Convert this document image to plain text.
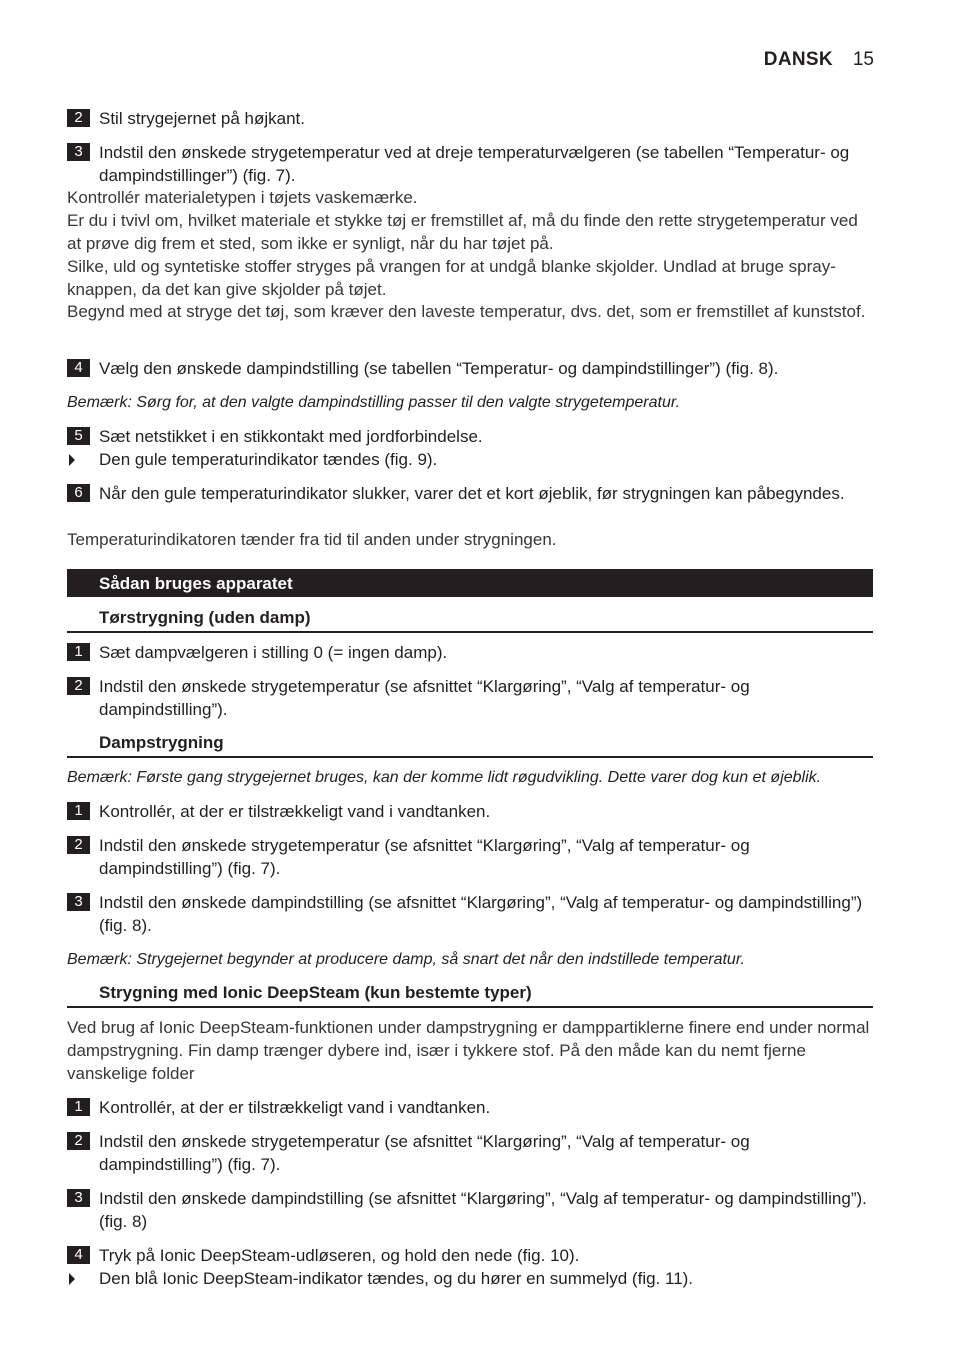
DANSK 15
2 Stil strygejernet på højkant.
3 Indstil den ønskede strygetemperatur ved at dreje temperaturvælgeren (se tabellen “Temperatur- og dampindstillinger”) (fig. 7).
Kontrollér materialetypen i tøjets vaskemærke.
Er du i tvivl om, hvilket materiale et stykke tøj er fremstillet af, må du finde den rette strygetemperatur ved at prøve dig frem et sted, som ikke er synligt, når du har tøjet på.
Silke, uld og syntetiske stoffer stryges på vrangen for at undgå blanke skjolder. Undlad at bruge spray-knappen, da det kan give skjolder på tøjet.
Begynd med at stryge det tøj, som kræver den laveste temperatur, dvs. det, som er fremstillet af kunststof.
4 Vælg den ønskede dampindstilling (se tabellen “Temperatur- og dampindstillinger”) (fig. 8).
Bemærk: Sørg for, at den valgte dampindstilling passer til den valgte strygetemperatur.
5 Sæt netstikket i en stikkontakt med jordforbindelse.
Den gule temperaturindikator tændes (fig. 9).
6 Når den gule temperaturindikator slukker, varer det et kort øjeblik, før strygningen kan påbegyndes.
Temperaturindikatoren tænder fra tid til anden under strygningen.
Sådan bruges apparatet
Tørstrygning (uden damp)
1 Sæt dampvælgeren i stilling 0 (= ingen damp).
2 Indstil den ønskede strygetemperatur (se afsnittet “Klargøring”, “Valg af temperatur- og dampindstilling”).
Dampstrygning
Bemærk: Første gang strygejernet bruges, kan der komme lidt røgudvikling. Dette varer dog kun et øjeblik.
1 Kontrollér, at der er tilstrækkeligt vand i vandtanken.
2 Indstil den ønskede strygetemperatur (se afsnittet “Klargøring”, “Valg af temperatur- og dampindstilling”) (fig. 7).
3 Indstil den ønskede dampindstilling (se afsnittet “Klargøring”, “Valg af temperatur- og dampindstilling”) (fig. 8).
Bemærk: Strygejernet begynder at producere damp, så snart det når den indstillede temperatur.
Strygning med Ionic DeepSteam (kun bestemte typer)
Ved brug af Ionic DeepSteam-funktionen under dampstrygning er damppartiklerne finere end under normal dampstrygning. Fin damp trænger dybere ind, især i tykkere stof. På den måde kan du nemt fjerne vanskelige folder
1 Kontrollér, at der er tilstrækkeligt vand i vandtanken.
2 Indstil den ønskede strygetemperatur (se afsnittet “Klargøring”, “Valg af temperatur- og dampindstilling”) (fig. 7).
3 Indstil den ønskede dampindstilling (se afsnittet “Klargøring”, “Valg af temperatur- og dampindstilling”). (fig. 8)
4 Tryk på Ionic DeepSteam-udløseren, og hold den nede (fig. 10).
Den blå Ionic DeepSteam-indikator tændes, og du hører en summelyd (fig. 11).
